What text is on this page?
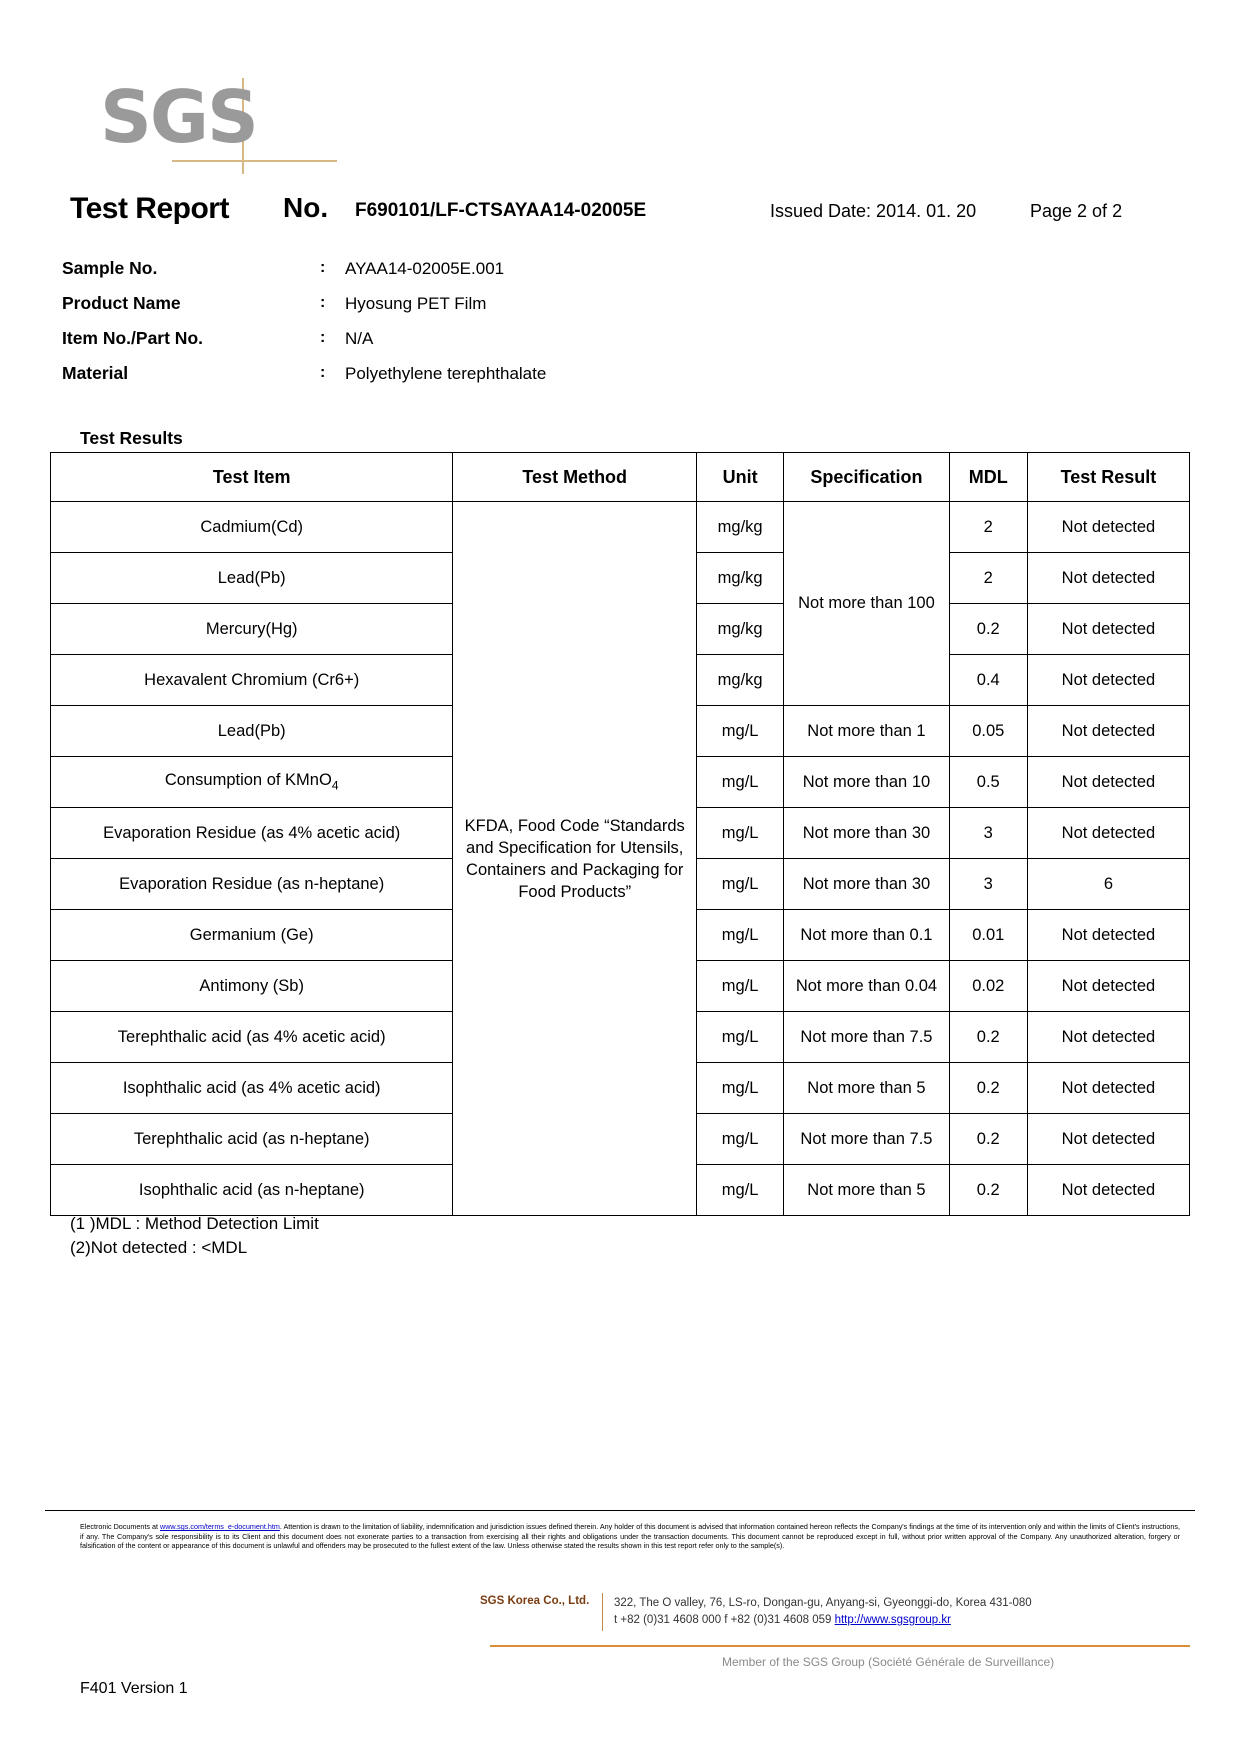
SGS
Test Report No. F690101/LF-CTSAYAA14-02005E	Issued Date: 2014. 01. 20	Page 2 of 2
Sample No.	: AYAA14-02005E.001
Product Name	: Hyosung PET Film
Item No./Part No.	: N/A
Material	: Polyethylene terephthalate
Test Results
Test Item	Test Method	Unit	Specification	MDL	Test Result
Cadmium(Cd)	KFDA, Food Code “Standards and Specification for Utensils, Containers and Packaging for Food Products”	mg/kg	Not more than 100	2	Not detected
Lead(Pb)		mg/kg		2	Not detected
Mercury(Hg)		mg/kg		0.2	Not detected
Hexavalent Chromium (Cr6+)		mg/kg		0.4	Not detected
Lead(Pb)		mg/L	Not more than 1	0.05	Not detected
Consumption of KMnO$_4$		mg/L	Not more than 10	0.5	Not detected
Evaporation Residue (as 4% acetic acid)		mg/L	Not more than 30	3	Not detected
Evaporation Residue (as n-heptane)		mg/L	Not more than 30	3	6
Germanium (Ge)		mg/L	Not more than 0.1	0.01	Not detected
Antimony (Sb)		mg/L	Not more than 0.04	0.02	Not detected
Terephthalic acid (as 4% acetic acid)		mg/L	Not more than 7.5	0.2	Not detected
Isophthalic acid (as 4% acetic acid)		mg/L	Not more than 5	0.2	Not detected
Terephthalic acid (as n-heptane)		mg/L	Not more than 7.5	0.2	Not detected
Isophthalic acid (as n-heptane)		mg/L	Not more than 5	0.2	Not detected
(1 )MDL : Method Detection Limit
(2)Not detected : <MDL
Electronic Documents at www.sgs.com/terms_e-document.htm. Attention is drawn to the limitation of liability, indemnification and jurisdiction issues defined therein. Any holder of this document is advised that information contained hereon reflects the Company's findings at the time of its intervention only and within the limits of Client's instructions, if any. The Company's sole responsibility is to its Client and this document does not exonerate parties to a transaction from exercising all their rights and obligations under the transaction documents. This document cannot be reproduced except in full, without prior written approval of the Company. Any unauthorized alteration, forgery or falsification of the content or appearance of this document is unlawful and offenders may be prosecuted to the fullest extent of the law. Unless otherwise stated the results shown in this test report refer only to the sample(s).
SGS Korea Co., Ltd. 322, The O valley, 76, LS-ro, Dongan-gu, Anyang-si, Gyeonggi-do, Korea 431-080
t +82 (0)31 4608 000 f +82 (0)31 4608 059 http://www.sgsgroup.kr
Member of the SGS Group (Société Générale de Surveillance)
F401 Version 1
